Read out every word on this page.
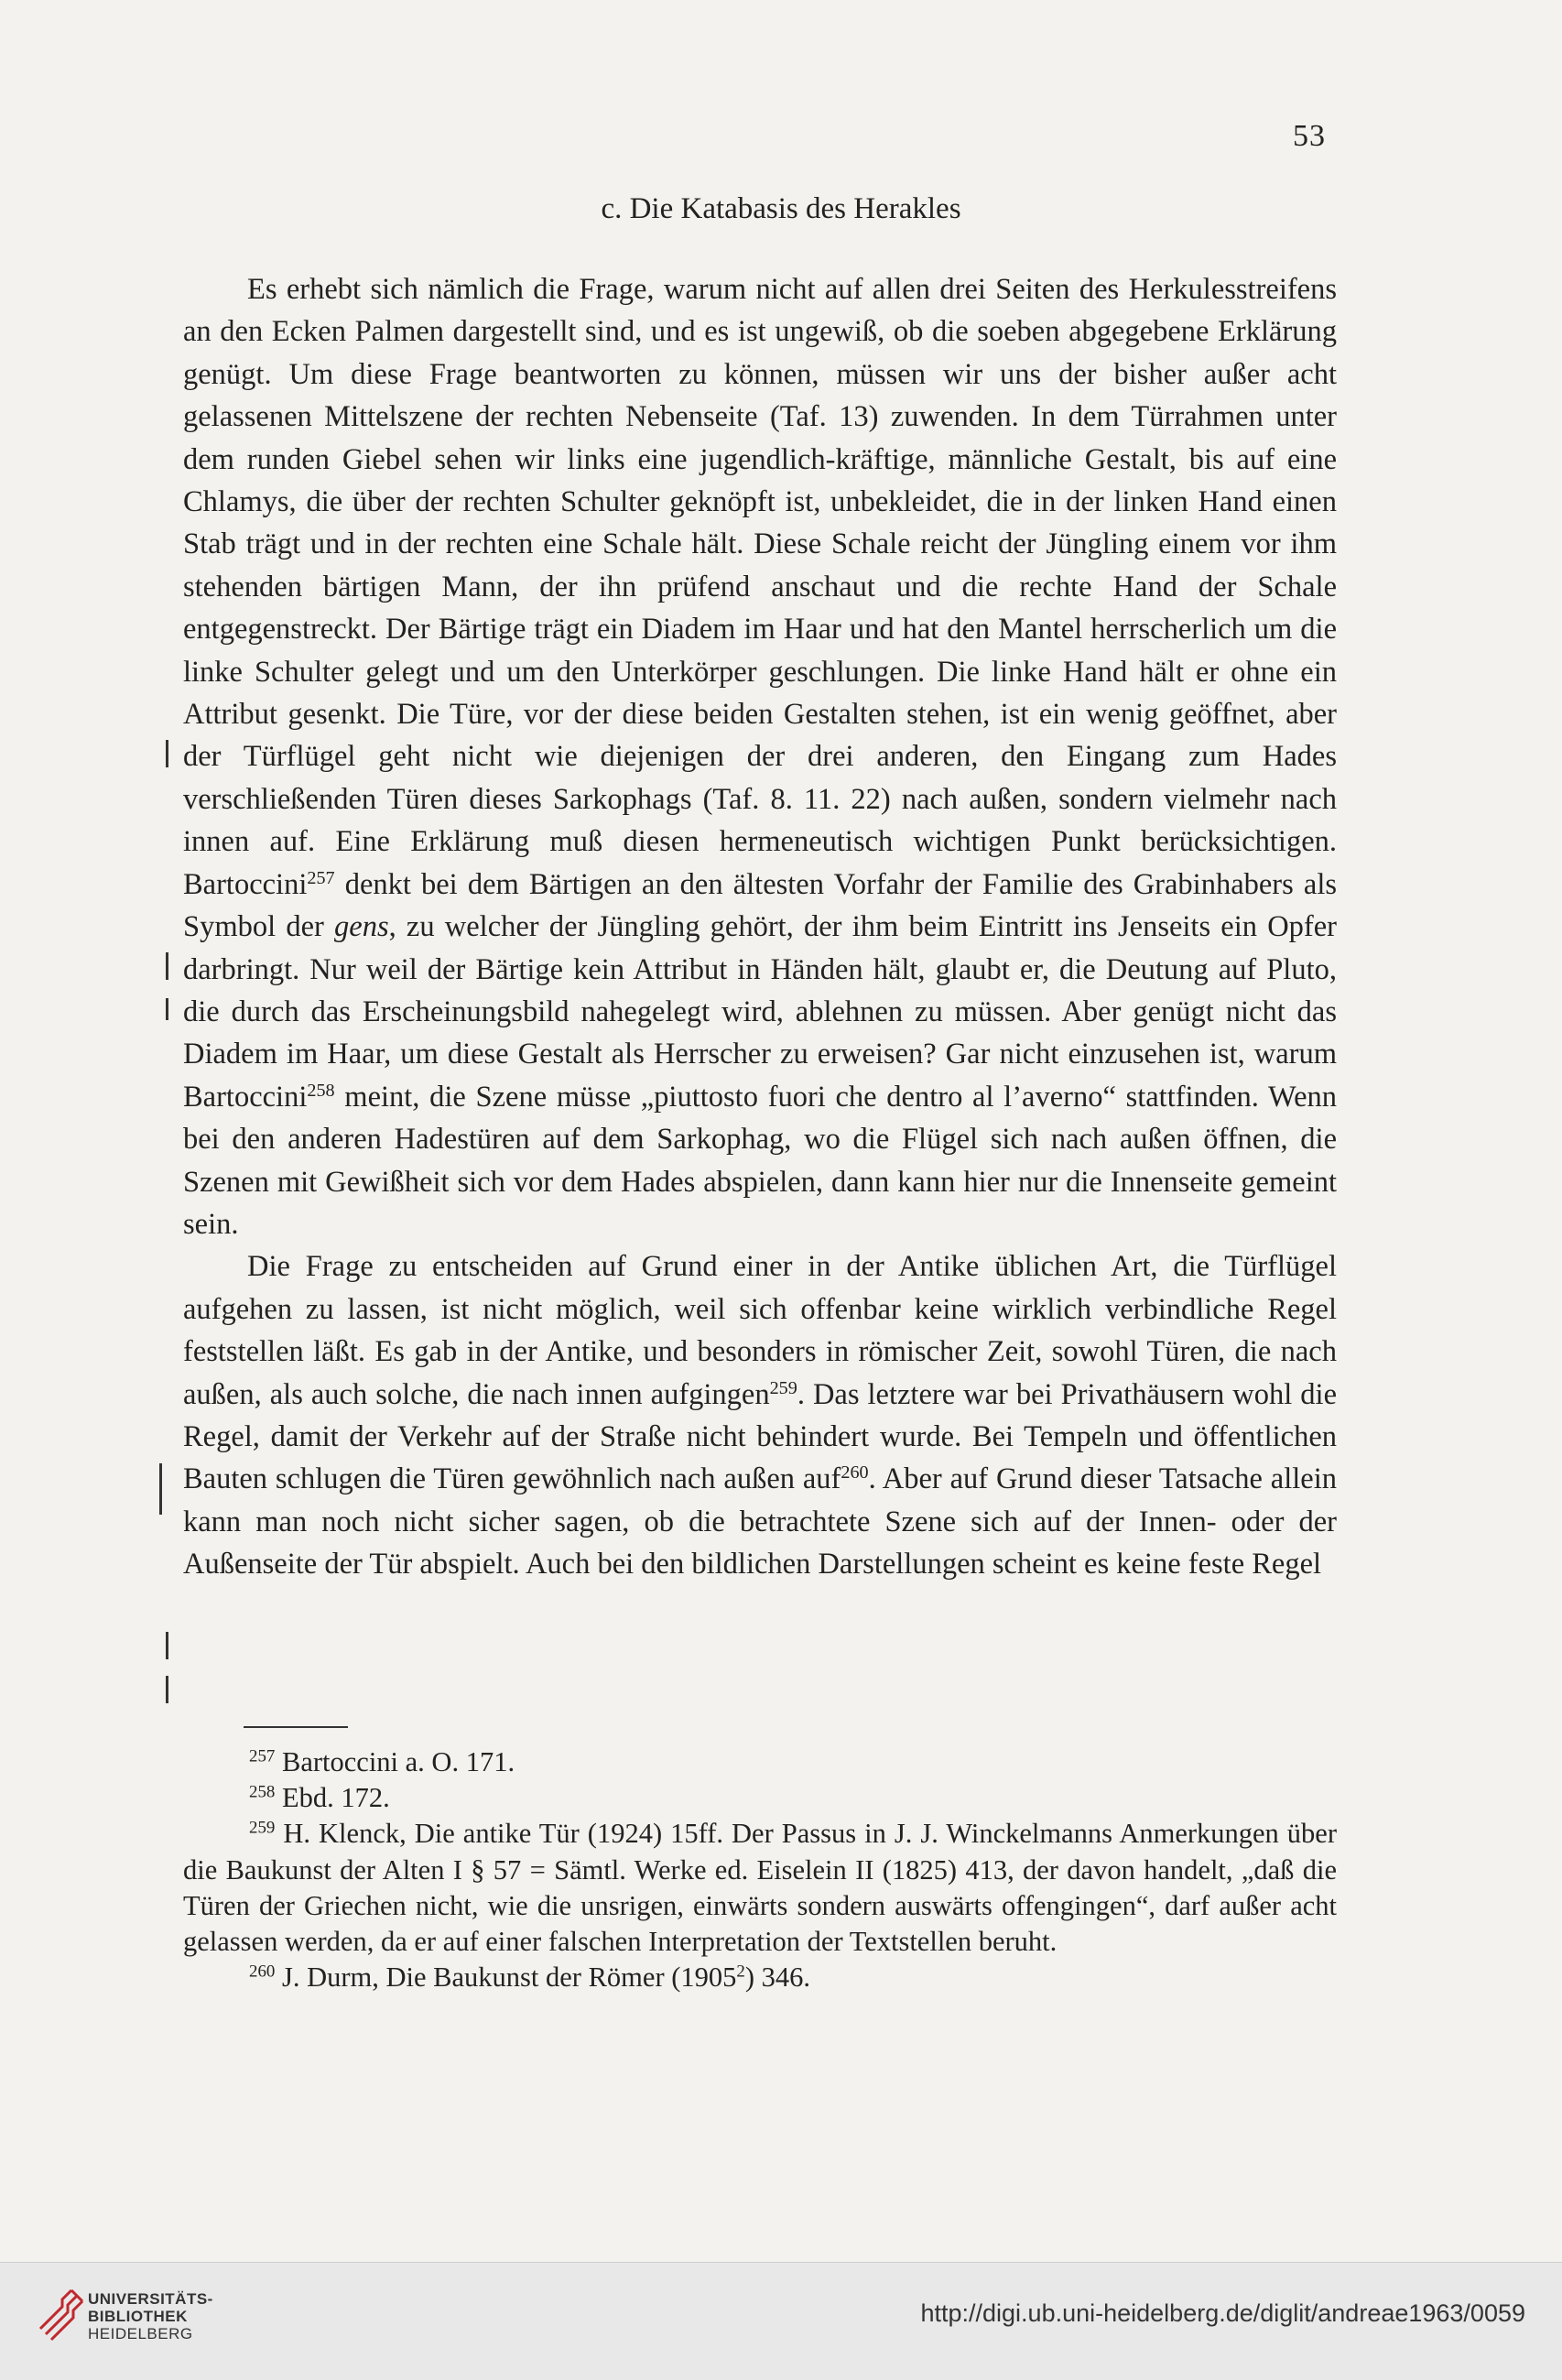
53
c. Die Katabasis des Herakles

Es erhebt sich nämlich die Frage, warum nicht auf allen drei Seiten des Herkulesstreifens an den Ecken Palmen dargestellt sind, und es ist ungewiß, ob die soeben abgegebene Erklärung genügt. Um diese Frage beantworten zu können, müssen wir uns der bisher außer acht gelassenen Mittelszene der rechten Nebenseite (Taf. 13) zuwenden. In dem Türrahmen unter dem runden Giebel sehen wir links eine jugendlich-kräftige, männliche Gestalt, bis auf eine Chlamys, die über der rechten Schulter geknöpft ist, unbekleidet, die in der linken Hand einen Stab trägt und in der rechten eine Schale hält. Diese Schale reicht der Jüngling einem vor ihm stehenden bärtigen Mann, der ihn prüfend anschaut und die rechte Hand der Schale entgegenstreckt. Der Bärtige trägt ein Diadem im Haar und hat den Mantel herrscherlich um die linke Schulter gelegt und um den Unterkörper geschlungen. Die linke Hand hält er ohne ein Attribut gesenkt. Die Türe, vor der diese beiden Gestalten stehen, ist ein wenig geöffnet, aber der Türflügel geht nicht wie diejenigen der drei anderen, den Eingang zum Hades verschließenden Türen dieses Sarkophags (Taf. 8. 11. 22) nach außen, sondern vielmehr nach innen auf. Eine Erklärung muß diesen hermeneutisch wichtigen Punkt berücksichtigen. Bartoccini$^{257}$ denkt bei dem Bärtigen an den ältesten Vorfahr der Familie des Grabinhabers als Symbol der gens, zu welcher der Jüngling gehört, der ihm beim Eintritt ins Jenseits ein Opfer darbringt. Nur weil der Bärtige kein Attribut in Händen hält, glaubt er, die Deutung auf Pluto, die durch das Erscheinungsbild nahegelegt wird, ablehnen zu müssen. Aber genügt nicht das Diadem im Haar, um diese Gestalt als Herrscher zu erweisen? Gar nicht einzusehen ist, warum Bartoccini$^{258}$ meint, die Szene müsse „piuttosto fuori che dentro al l’averno“ stattfinden. Wenn bei den anderen Hadestüren auf dem Sarkophag, wo die Flügel sich nach außen öffnen, die Szenen mit Gewißheit sich vor dem Hades abspielen, dann kann hier nur die Innenseite gemeint sein.

Die Frage zu entscheiden auf Grund einer in der Antike üblichen Art, die Türflügel aufgehen zu lassen, ist nicht möglich, weil sich offenbar keine wirklich verbindliche Regel feststellen läßt. Es gab in der Antike, und besonders in römischer Zeit, sowohl Türen, die nach außen, als auch solche, die nach innen aufgingen$^{259}$. Das letztere war bei Privathäusern wohl die Regel, damit der Verkehr auf der Straße nicht behindert wurde. Bei Tempeln und öffentlichen Bauten schlugen die Türen gewöhnlich nach außen auf$^{260}$. Aber auf Grund dieser Tatsache allein kann man noch nicht sicher sagen, ob die betrachtete Szene sich auf der Innen- oder der Außenseite der Tür abspielt. Auch bei den bildlichen Darstellungen scheint es keine feste Regel

$^{257}$ Bartoccini a. O. 171.

$^{258}$ Ebd. 172.

$^{259}$ H. Klenck, Die antike Tür (1924) 15ff. Der Passus in J. J. Winckelmanns Anmerkungen über die Baukunst der Alten I § 57 = Sämtl. Werke ed. Eiselein II (1825) 413, der davon handelt, „daß die Türen der Griechen nicht, wie die unsrigen, einwärts sondern auswärts offengingen“, darf außer acht gelassen werden, da er auf einer falschen Interpretation der Textstellen beruht.

$^{260}$ J. Durm, Die Baukunst der Römer (1905$^2$) 346.

UNIVERSITÄTS-
BIBLIOTHEK
HEIDELBERG
http://digi.ub.uni-heidelberg.de/diglit/andreae1963/0059
